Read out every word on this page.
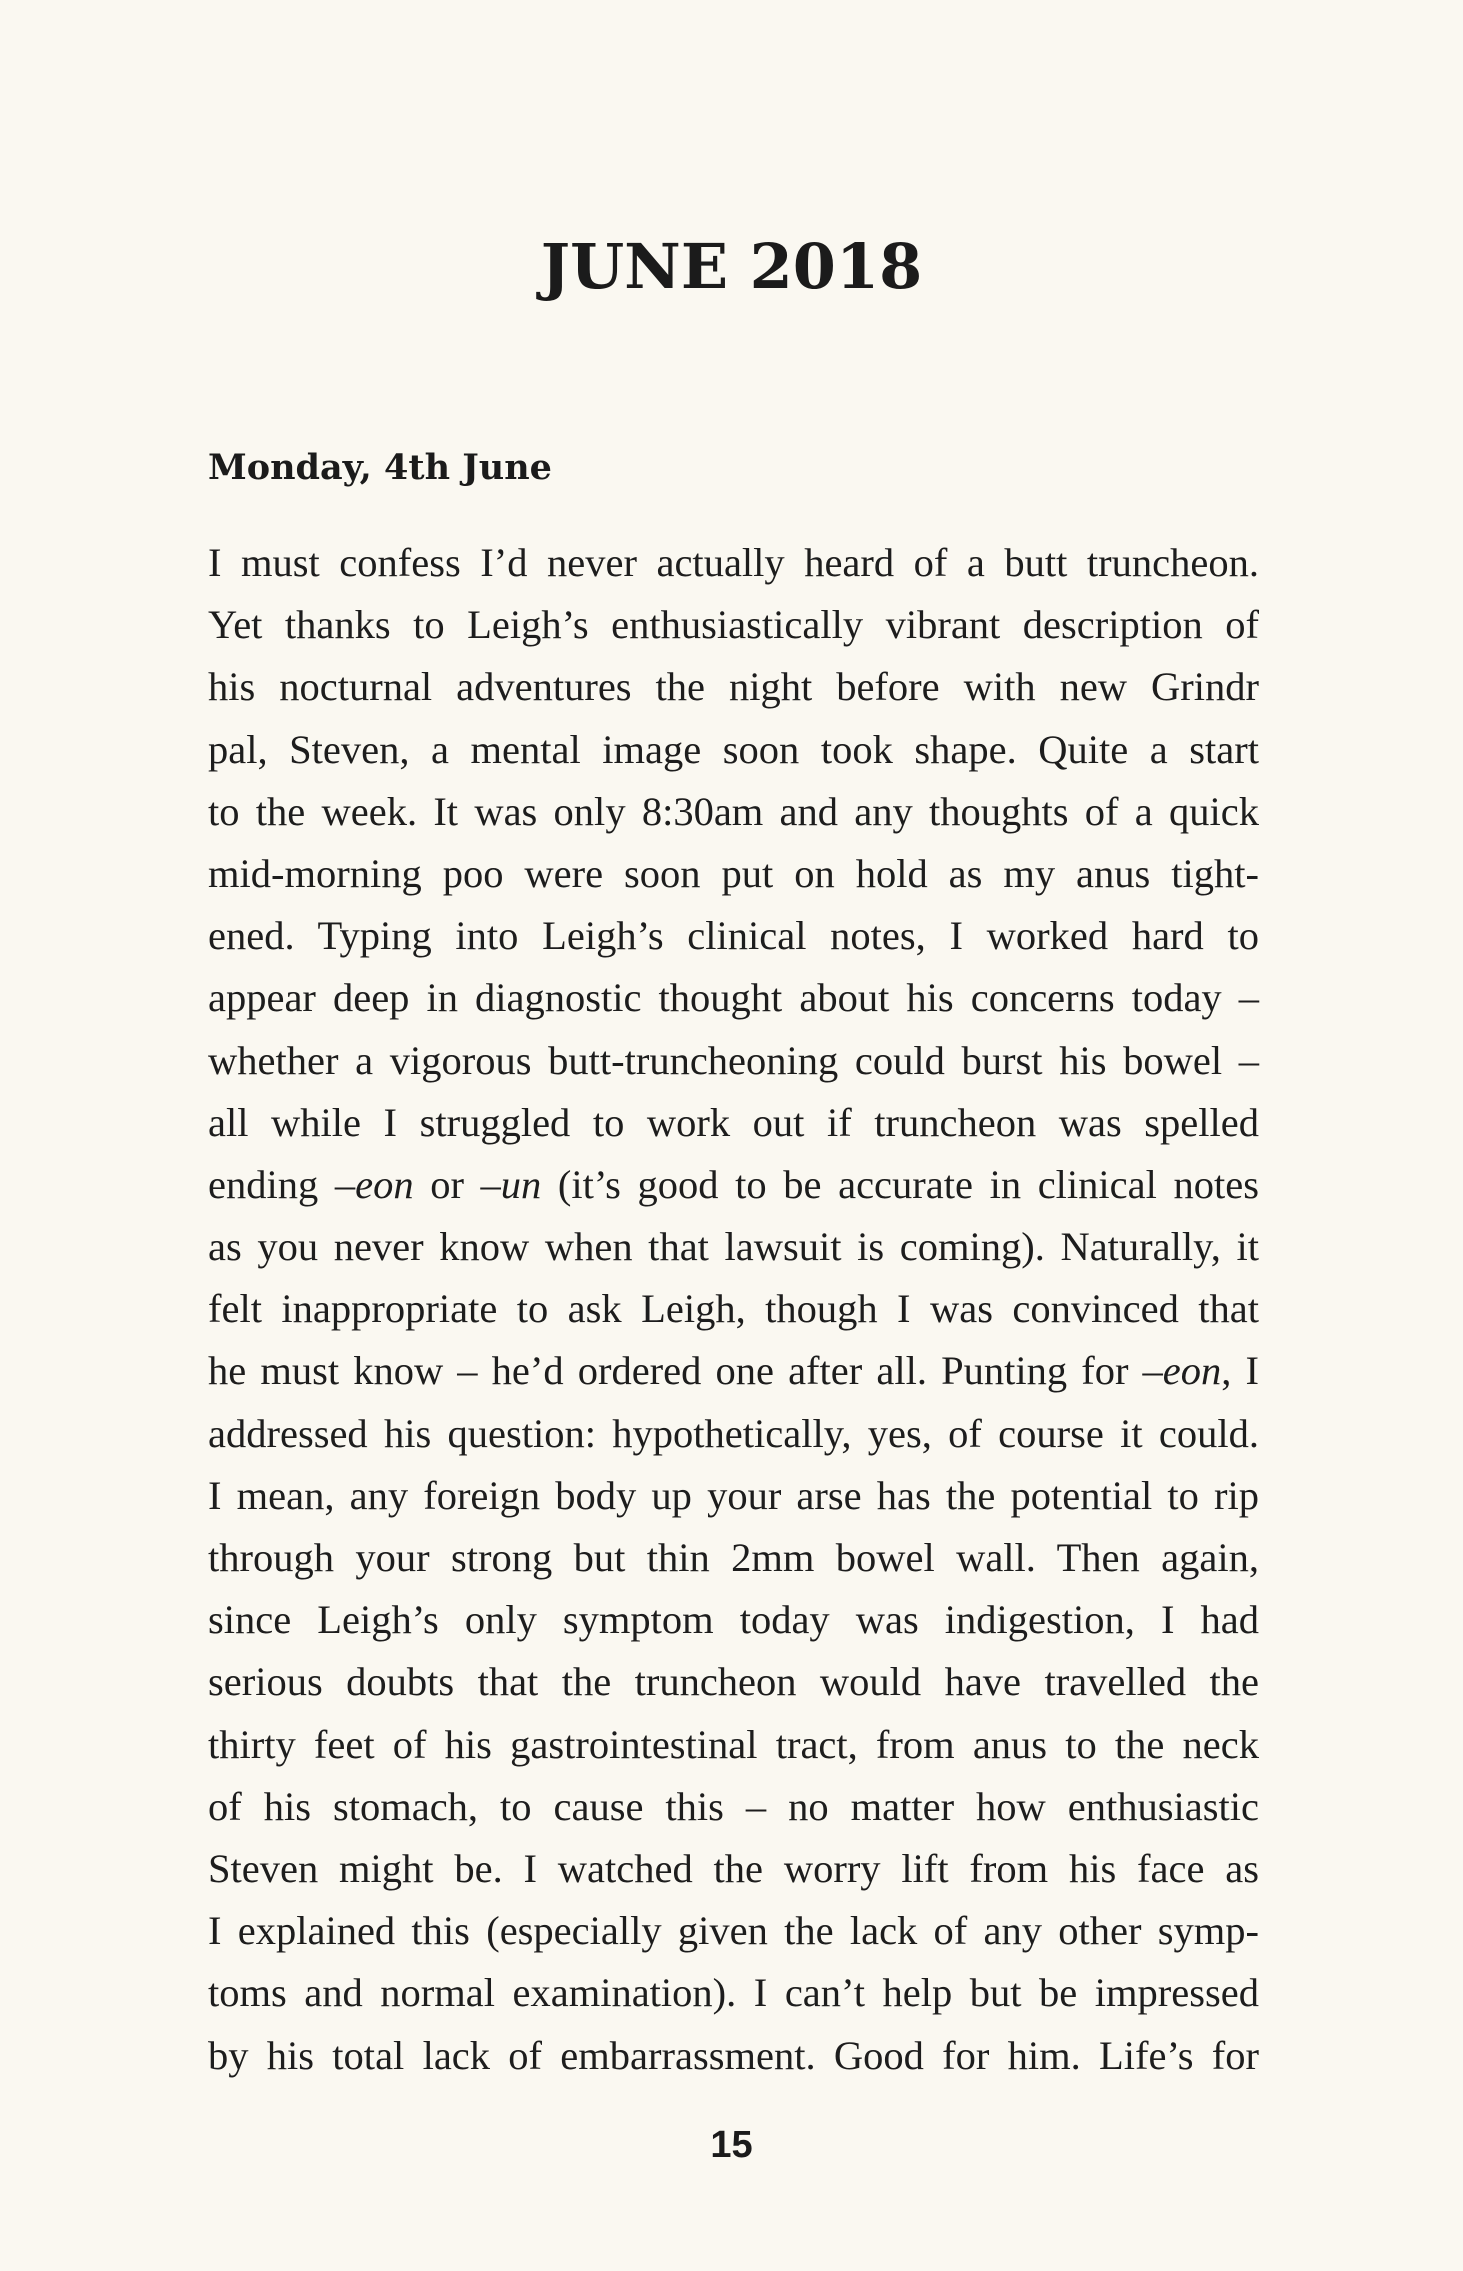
JUNE 2018
Monday, 4th June
I must confess I’d never actually heard of a butt truncheon.
Yet thanks to Leigh’s enthusiastically vibrant description of
his nocturnal adventures the night before with new Grindr
pal, Steven, a mental image soon took shape. Quite a start
to the week. It was only 8:30am and any thoughts of a quick
mid-morning poo were soon put on hold as my anus tight-
ened. Typing into Leigh’s clinical notes, I worked hard to
appear deep in diagnostic thought about his concerns today –
whether a vigorous butt-truncheoning could burst his bowel –
all while I struggled to work out if truncheon was spelled
ending –eon or –un (it’s good to be accurate in clinical notes
as you never know when that lawsuit is coming). Naturally, it
felt inappropriate to ask Leigh, though I was convinced that
he must know – he’d ordered one after all. Punting for –eon, I
addressed his question: hypothetically, yes, of course it could.
I mean, any foreign body up your arse has the potential to rip
through your strong but thin 2mm bowel wall. Then again,
since Leigh’s only symptom today was indigestion, I had
serious doubts that the truncheon would have travelled the
thirty feet of his gastrointestinal tract, from anus to the neck
of his stomach, to cause this – no matter how enthusiastic
Steven might be. I watched the worry lift from his face as
I explained this (especially given the lack of any other symp-
toms and normal examination). I can’t help but be impressed
by his total lack of embarrassment. Good for him. Life’s for
15
